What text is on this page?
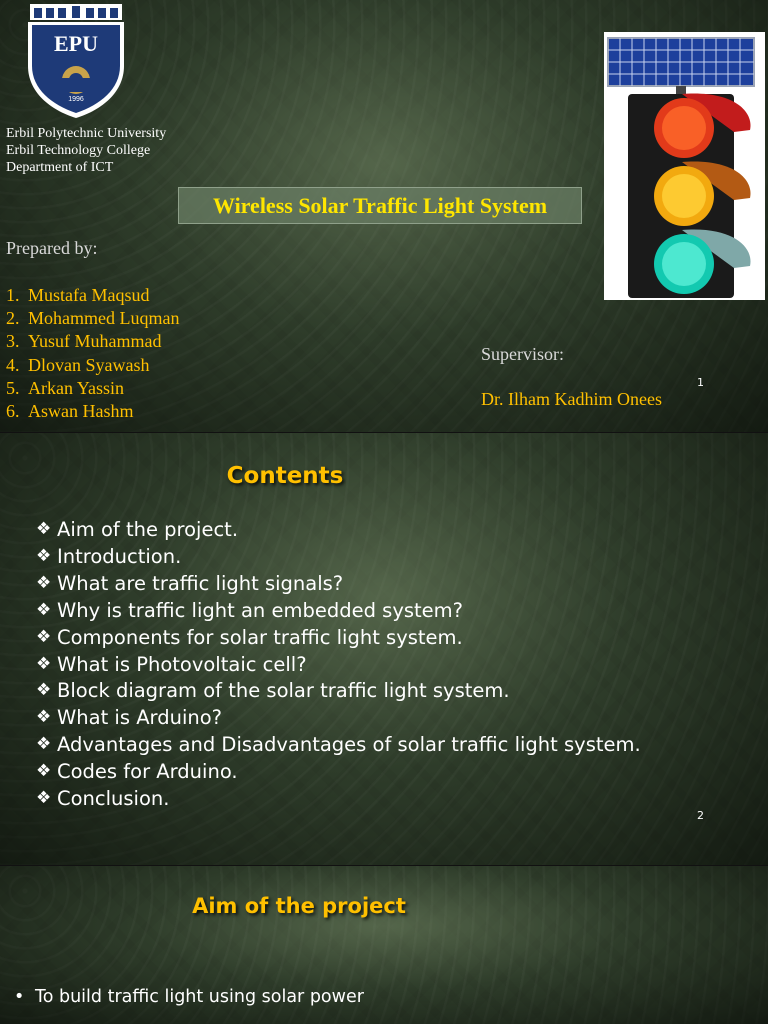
EPU
1996
Erbil Polytechnic University
Erbil Technology College
Department of ICT
Wireless Solar Traffic Light System
Prepared by:
1. Mustafa Maqsud
2. Mohammed Luqman
3. Yusuf Muhammad
4. Dlovan Syawash
5. Arkan Yassin
6. Aswan Hashm
Supervisor:
Dr. Ilham Kadhim Onees
1
Contents
❖ Aim of the project.
❖ Introduction.
❖ What are traffic light signals?
❖ Why is traffic light an embedded system?
❖ Components for solar traffic light system.
❖ What is Photovoltaic cell?
❖ Block diagram of the solar traffic light system.
❖ What is Arduino?
❖ Advantages and Disadvantages of solar traffic light system.
❖ Codes for Arduino.
❖ Conclusion.
2
Aim of the project
• To build traffic light using solar power
